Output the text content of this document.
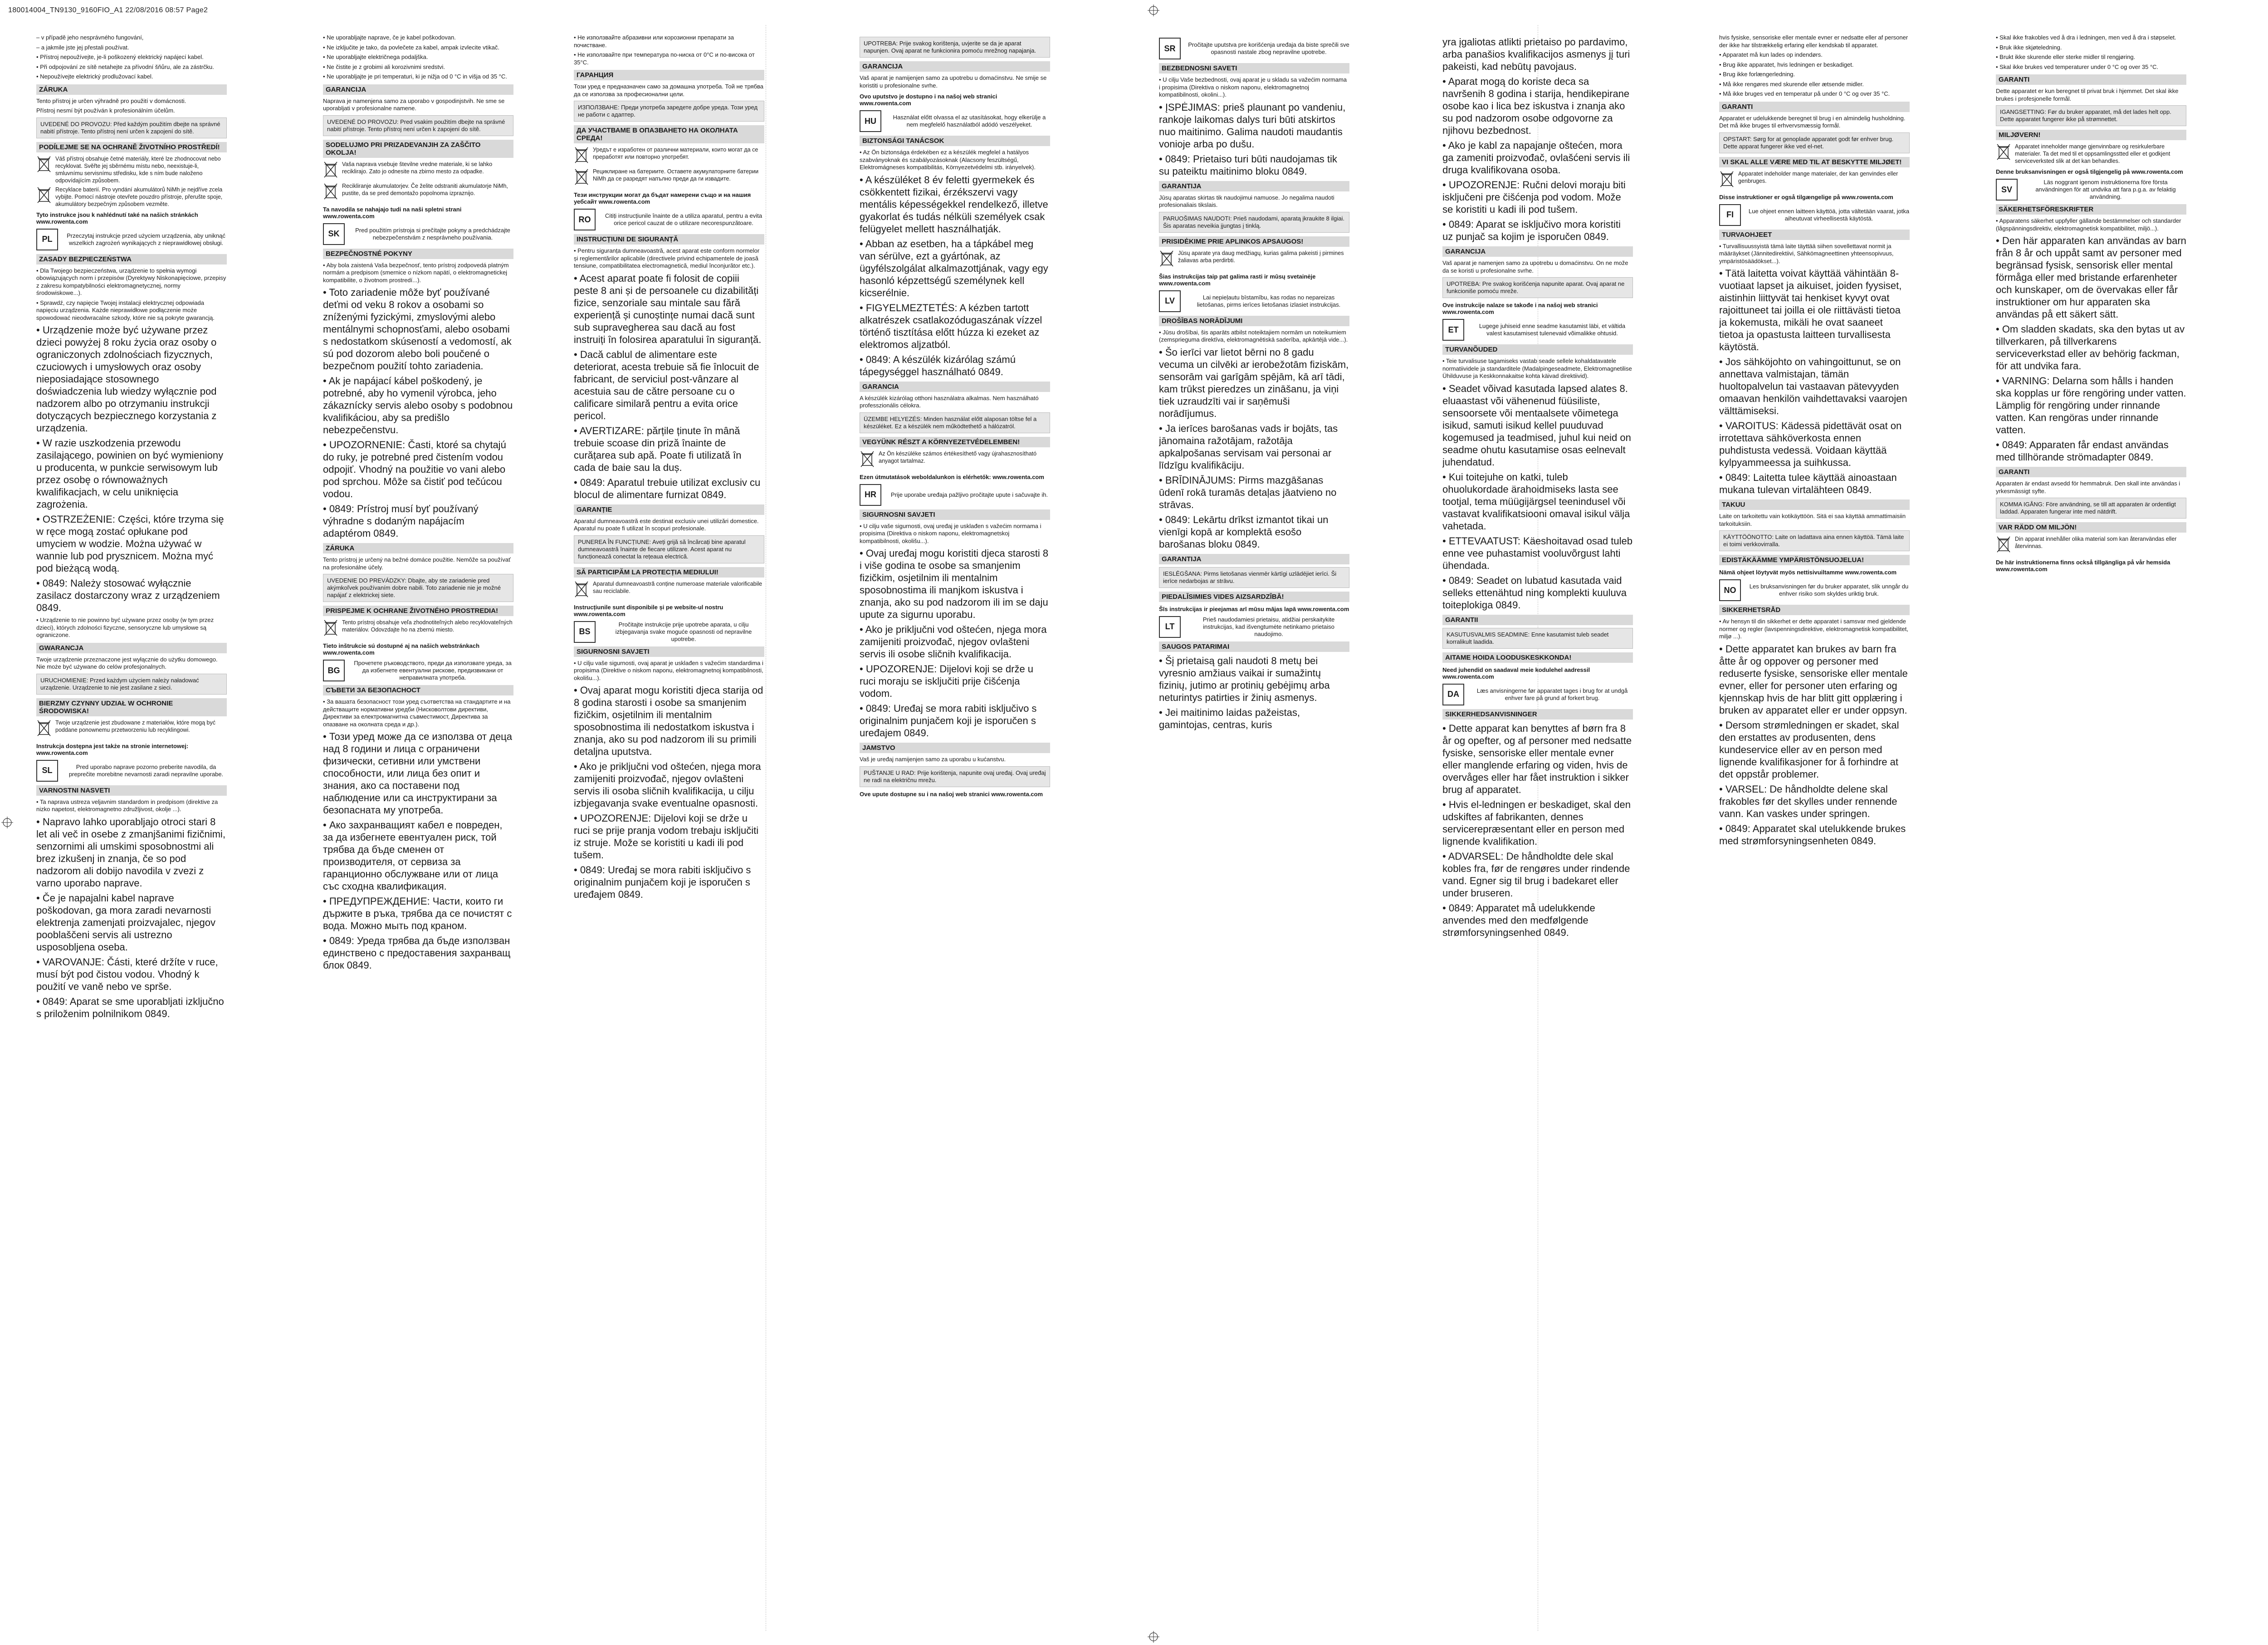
180014004_TN9130_9160FIO_A1 22/08/2016 08:57 Page2
– v případě jeho nesprávného fungování,
– a jakmile jste jej přestali používat.
• Přístroj nepoužívejte, je-li poškozený elektrický napájecí kabel.
• Při odpojování ze sítě netahejte za přívodní šňůru, ale za zástrčku.
• Nepoužívejte elektrický prodlužovací kabel.
ZÁRUKA
Tento přístroj je určen výhradně pro použití v domácnosti.
Přístroj nesmí být používán k profesionálním účelům.
UVEDENÉ DO PROVOZU: Před každým použitím dbejte na správné nabití přístroje. Tento přístroj není určen k zapojení do sítě.
PODÍLEJME SE NA OCHRANĚ ŽIVOTNÍHO PROSTŘEDÍ!
Váš přístroj obsahuje četné materiály, které lze zhodnocovat nebo recyklovat. Svěřte jej sběrnému místu nebo, neexistuje-li, smluvnímu servisnímu středisku, kde s ním bude naloženo odpovídajícím způsobem.
Recyklace baterií. Pro vyndání akumulátorů NiMh je nejdříve zcela vybijte. Pomocí nástroje otevřete pouzdro přístroje, přerušte spoje, akumulátory bezpečným způsobem vezměte.
Tyto instrukce jsou k nahlédnutí také na našich stránkách www.rowenta.com
PL	Przeczytaj instrukcje przed użyciem urządzenia, aby uniknąć wszelkich zagrożeń wynikających z nieprawidłowej obsługi.
ZASADY BEZPIECZEŃSTWA
• Dla Twojego bezpieczeństwa, urządzenie to spełnia wymogi obowiązujących norm i przepisów (Dyrektywy Niskonapięciowe, przepisy z zakresu kompatybilności elektromagnetycznej, normy środowiskowe...).
• Sprawdź, czy napięcie Twojej instalacji elektrycznej odpowiada napięciu urządzenia. Każde nieprawidłowe podłączenie może spowodować nieodwracalne szkody, które nie są pokryte gwarancją.
• Urządzenie może być używane przez dzieci powyżej 8 roku życia oraz osoby o ograniczonych zdolnościach fizycznych, czuciowych i umysłowych oraz osoby nieposiadające stosownego doświadczenia lub wiedzy wyłącznie pod nadzorem albo po otrzymaniu instrukcji dotyczących bezpiecznego korzystania z urządzenia.
• W razie uszkodzenia przewodu zasilającego, powinien on być wymieniony u producenta, w punkcie serwisowym lub przez osobę o równoważnych kwalifikacjach, w celu uniknięcia zagrożenia.
• OSTRZEŻENIE: Części, które trzyma się w ręce mogą zostać opłukane pod umyciem w wodzie. Można używać w wannie lub pod prysznicem. Można myć pod bieżącą wodą.
• 0849: Należy stosować wyłącznie zasilacz dostarczony wraz z urządzeniem 0849.
• Urządzenie to nie powinno być używane przez osoby (w tym przez dzieci), których zdolności fizyczne, sensoryczne lub umysłowe są ograniczone.
GWARANCJA
Twoje urządzenie przeznaczone jest wyłącznie do użytku domowego. Nie może być używane do celów profesjonalnych.
URUCHOMIENIE: Przed każdym użyciem należy naładować urządzenie. Urządzenie to nie jest zasilane z sieci.
BIERZMY CZYNNY UDZIAŁ W OCHRONIE ŚRODOWISKA!
Twoje urządzenie jest zbudowane z materiałów, które mogą być poddane ponownemu przetworzeniu lub recyklingowi.
Instrukcja dostępna jest także na stronie internetowej: www.rowenta.com
SL	Pred uporabo naprave pozorno preberite navodila, da preprečite morebitne nevarnosti zaradi nepravilne uporabe.
VARNOSTNI NASVETI
• Ta naprava ustreza veljavnim standardom in predpisom (direktive za nizko napetost, elektromagnetno združljivost, okolje ...).
• Napravo lahko uporabljajo otroci stari 8 let ali več in osebe z zmanjšanimi fizičnimi, senzornimi ali umskimi sposobnostmi ali brez izkušenj in znanja, če so pod nadzorom ali dobijo navodila v zvezi z varno uporabo naprave.
• Če je napajalni kabel naprave poškodovan, ga mora zaradi nevarnosti elektrenja zamenjati proizvajalec, njegov pooblaščeni servis ali ustrezno usposobljena oseba.
• VAROVANJE: Části, které držíte v ruce, musí být pod čistou vodou. Vhodný k použití ve vaně nebo ve sprše.
• 0849: Aparat se sme uporabljati izključno s priloženim polnilnikom 0849.
• Ne uporabljajte naprave, če je kabel poškodovan.
• Ne izključite je tako, da povlečete za kabel, ampak izvlecite vtikač.
• Ne uporabljajte električnega podaljška.
• Ne čistite je z grobimi ali korozivnimi sredstvi.
• Ne uporabljajte je pri temperaturi, ki je nižja od 0 °C in višja od 35 °C.
GARANCIJA
Naprava je namenjena samo za uporabo v gospodinjstvih. Ne sme se uporabljati v profesionalne namene.
UVEDENÉ DO PROVOZU: Pred vsakim použitím dbejte na správné nabití přístroje. Tento přístroj není určen k zapojení do sítě.
SODELUJMO PRI PRIZADEVANJIH ZA ZAŠČITO OKOLJA!
Vaša naprava vsebuje številne vredne materiale, ki se lahko reciklirajo. Zato jo odnesite na zbirno mesto za odpadke.
Recikliranje akumulatorjev. Če želite odstraniti akumulatorje NiMh, pustite, da se pred demontažo popolnoma izpraznijo.
Ta navodila se nahajajo tudi na naši spletni strani www.rowenta.com
SK	Pred použitím prístroja si prečítajte pokyny a predchádzajte nebezpečenstvám z nesprávneho používania.
BEZPEČNOSTNÉ POKYNY
• Aby bola zaistená Vaša bezpečnosť, tento prístroj zodpovedá platným normám a predpisom (smernice o nízkom napätí, o elektromagnetickej kompatibilite, o životnom prostredí...).
• Toto zariadenie môže byť používané deťmi od veku 8 rokov a osobami so zníženými fyzickými, zmyslovými alebo mentálnymi schopnosťami, alebo osobami s nedostatkom skúseností a vedomostí, ak sú pod dozorom alebo boli poučené o bezpečnom použití tohto zariadenia.
• Ak je napájací kábel poškodený, je potrebné, aby ho vymenil výrobca, jeho zákaznícky servis alebo osoby s podobnou kvalifikáciou, aby sa predišlo nebezpečenstvu.
• UPOZORNENIE: Časti, ktoré sa chytajú do ruky, je potrebné pred čistením vodou odpojiť. Vhodný na použitie vo vani alebo pod sprchou. Môže sa čistiť pod tečúcou vodou.
• 0849: Prístroj musí byť používaný výhradne s dodaným napájacím adaptérom 0849.
ZÁRUKA
Tento prístroj je určený na bežné domáce použitie. Nemôže sa používať na profesionálne účely.
UVEDENIE DO PREVÁDZKY: Dbajte, aby ste zariadenie pred akýmkoľvek používaním dobre nabili. Toto zariadenie nie je možné napájať z elektrickej siete.
PRISPEJME K OCHRANE ŽIVOTNÉHO PROSTREDIA!
Tento prístroj obsahuje veľa zhodnotiteľných alebo recyklovateľných materiálov. Odovzdajte ho na zbernú miesto.
Tieto inštrukcie sú dostupné aj na našich webstránkach www.rowenta.com
BG
Прочетете ръководството, преди да използвате уреда, за да избегнете евентуални рискове, предизвикани от неправилната употреба.
СЪВЕТИ ЗА БЕЗОПАСНОСТ
• За вашата безопасност този уред съответства на стандартите и на действащите нормативни уредби (Нисковолтови директиви, Директиви за електромагнитна съвместимост, Директива за опазване на околната среда и др.).
• Този уред може да се използва от деца над 8 години и лица с ограничени физически, сетивни или умствени способности, или лица без опит и знания, ако са поставени под наблюдение или са инструктирани за безопасната му употреба.
• Ако захранващият кабел е повреден, за да избегнете евентуален риск, той трябва да бъде сменен от производителя, от сервиза за гаранционно обслужване или от лица със сходна квалификация.
• ПРЕДУПРЕЖДЕНИЕ: Части, които ги държите в ръка, трябва да се почистят с вода. Можно мыть под краном.
• 0849: Уреда трябва да бъде използван единствено с предоставения захранващ блок 0849.
• Не използвайте абразивни или корозионни препарати за почистване.
• Не използвайте при температура по-ниска от 0°С и по-висока от 35°С.
ГАРАНЦИЯ
Този уред е предназначен само за домашна употреба. Той не трябва да се използва за професионални цели.
ИЗПОЛЗВАНЕ: Преди употреба заредете добре уреда. Този уред не работи с адаптер.
ДА УЧАСТВАМЕ В ОПАЗВАНЕТО НА ОКОЛНАТА СРЕДА!
Уредът е изработен от различни материали, които могат да се преработят или повторно употребят.
Рециклиране на батериите. Оставете акумулаторните батерии NiMh да се разредят напълно преди да ги извадите.
Тези инструкции могат да бъдат намерени също и на нашия уебсайт www.rowenta.com
RO	Citiți instrucțiunile înainte de a utiliza aparatul, pentru a evita orice pericol cauzat de o utilizare necorespunzătoare.
INSTRUCȚIUNI DE SIGURANȚĂ
• Pentru siguranța dumneavoastră, acest aparat este conform normelor și reglementărilor aplicabile (directivele privind echipamentele de joasă tensiune, compatibilitatea electromagnetică, mediul înconjurător etc.).
• Acest aparat poate fi folosit de copiii peste 8 ani și de persoanele cu dizabilități fizice, senzoriale sau mintale sau fără experiență și cunoștințe numai dacă sunt sub supravegherea sau dacă au fost instruiți în folosirea aparatului în siguranță.
• Dacă cablul de alimentare este deteriorat, acesta trebuie să fie înlocuit de fabricant, de serviciul post-vânzare al acestuia sau de către persoane cu o calificare similară pentru a evita orice pericol.
• AVERTIZARE: părțile ținute în mână trebuie scoase din priză înainte de curățarea sub apă. Poate fi utilizată în cada de baie sau la duș.
• 0849: Aparatul trebuie utilizat exclusiv cu blocul de alimentare furnizat 0849.
GARANȚIE
Aparatul dumneavoastră este destinat exclusiv unei utilizări domestice. Aparatul nu poate fi utilizat în scopuri profesionale.
PUNEREA ÎN FUNCȚIUNE: Aveți grijă să încărcați bine aparatul dumneavoastră înainte de fiecare utilizare. Acest aparat nu funcționează conectat la rețeaua electrică.
SĂ PARTICIPĂM LA PROTECȚIA MEDIULUI!
Aparatul dumneavoastră conține numeroase materiale valorificabile sau reciclabile.
Instrucțiunile sunt disponibile și pe website-ul nostru www.rowenta.com
BS
Pročitajte instrukcije prije upotrebe aparata, u cilju izbjegavanja svake moguće opasnosti od nepravilne upotrebe.
SIGURNOSNI SAVJETI
• U cilju vaše sigurnosti, ovaj aparat je usklađen s važećim standardima i propisima (Direktive o niskom naponu, elektromagnetnoj kompatibilnosti, okolišu...).
• Ovaj aparat mogu koristiti djeca starija od 8 godina starosti i osobe sa smanjenim fizičkim, osjetilnim ili mentalnim sposobnostima ili nedostatkom iskustva i znanja, ako su pod nadzorom ili su primili detaljna uputstva.
• Ako je priključni vod oštećen, njega mora zamijeniti proizvođač, njegov ovlašteni servis ili osoba sličnih kvalifikacija, u cilju izbjegavanja svake eventualne opasnosti.
• UPOZORENJE: Dijelovi koji se drže u ruci se prije pranja vodom trebaju isključiti iz struje. Može se koristiti u kadi ili pod tušem.
• 0849: Uređaj se mora rabiti isključivo s originalnim punjačem koji je isporučen s uređajem 0849.
UPOTREBA: Prije svakog korištenja, uvjerite se da je aparat napunjen. Ovaj aparat ne funkcionira pomoću mrežnog napajanja.
GARANCIJA
Vaš aparat je namijenjen samo za upotrebu u domaćinstvu. Ne smije se koristiti u profesionalne svrhe.
Ovo uputstvo je dostupno i na našoj web stranici www.rowenta.com
HU	Használat előtt olvassa el az utasításokat, hogy elkerülje a nem megfelelő használatból adódó veszélyeket.
BIZTONSÁGI TANÁCSOK
• Az Ön biztonsága érdekében ez a készülék megfelel a hatályos szabványoknak és szabályozásoknak (Alacsony feszültségű, Elektromágneses kompatibilitás, Környezetvédelmi stb. irányelvek).
• A készüléket 8 év feletti gyermekek és csökkentett fizikai, érzékszervi vagy mentális képességekkel rendelkező, illetve gyakorlat és tudás nélküli személyek csak felügyelet mellett használhatják.
• Abban az esetben, ha a tápkábel meg van sérülve, ezt a gyártónak, az ügyfélszolgálat alkalmazottjának, vagy egy hasonló képzettségű személynek kell kicserélnie.
• FIGYELMEZTETÉS: A kézben tartott alkatrészek csatlakozódugaszának vízzel történő tisztítása előtt húzza ki ezeket az elektromos aljzatból.
• 0849: A készülék kizárólag számú tápegységgel használható 0849.
GARANCIA
A készülék kizárólag otthoni használatra alkalmas. Nem használható professzionális célokra.
ÜZEMBE HELYEZÉS: Minden használat előtt alaposan töltse fel a készüléket. Ez a készülék nem működtethető a hálózatról.
VEGYÜNK RÉSZT A KÖRNYEZETVÉDELEMBEN!
Az Ön készüléke számos értékesíthető vagy újrahasznosítható anyagot tartalmaz.
Ezen útmutatások weboldalunkon is elérhetők: www.rowenta.com
HR	Prije uporabe uređaja pažljivo pročitajte upute i sačuvajte ih.
SIGURNOSNI SAVJETI
• U cilju vaše sigurnosti, ovaj uređaj je usklađen s važećim normama i propisima (Direktiva o niskom naponu, elektromagnetskoj kompatibilnosti, okolišu...).
• Ovaj uređaj mogu koristiti djeca starosti 8 i više godina te osobe sa smanjenim fizičkim, osjetilnim ili mentalnim sposobnostima ili manjkom iskustva i znanja, ako su pod nadzorom ili im se daju upute za sigurnu uporabu.
• Ako je priključni vod oštećen, njega mora zamijeniti proizvođač, njegov ovlašteni servis ili osobe sličnih kvalifikacija.
• UPOZORENJE: Dijelovi koji se drže u ruci moraju se isključiti prije čišćenja vodom.
• 0849: Uređaj se mora rabiti isključivo s originalnim punjačem koji je isporučen s uređajem 0849.
JAMSTVO
Vaš je uređaj namijenjen samo za uporabu u kućanstvu.
PUŠTANJE U RAD: Prije korištenja, napunite ovaj uređaj. Ovaj uređaj ne radi na električnu mrežu.
Ove upute dostupne su i na našoj web stranici www.rowenta.com
SR	Pročitajte uputstva pre korišćenja uređaja da biste sprečili sve opasnosti nastale zbog nepravilne upotrebe.
BEZBEDNOSNI SAVETI
• U cilju Vaše bezbednosti, ovaj aparat je u skladu sa važećim normama i propisima (Direktiva o niskom naponu, elektromagnetnoj kompatibilnosti, okolini...).
• ĮSPĖJIMAS: prieš plaunant po vandeniu, rankoje laikomas dalys turi būti atskirtos nuo maitinimo. Galima naudoti maudantis vonioje arba po dušu.
• 0849: Prietaiso turi būti naudojamas tik su pateiktu maitinimo bloku 0849.
GARANTIJA
Jūsų aparatas skirtas tik naudojimui namuose. Jo negalima naudoti profesionaliais tikslais.
PARUOŠIMAS NAUDOTI: Prieš naudodami, aparatą įkraukite 8 ilgiai. Šis aparatas neveikia įjungtas į tinklą.
PRISIDĖKIME PRIE APLINKOS APSAUGOS!
Jūsų aparate yra daug medžiagų, kurias galima pakeisti į pirmines žaliavas arba perdirbti.
Šias instrukcijas taip pat galima rasti ir mūsų svetainėje www.rowenta.com
LV	Lai nepieļautu bīstamību, kas rodas no nepareizas lietošanas, pirms ierīces lietošanas izlasiet instrukcijas.
DROŠĪBAS NORĀDĪJUMI
• Jūsu drošībai, šis aparāts atbilst noteiktajiem normām un noteikumiem (zemsprieguma direktīva, elektromagnētiskā saderība, apkārtējā vide...).
• Šo ierīci var lietot bērni no 8 gadu vecuma un cilvēki ar ierobežotām fiziskām, sensorām vai garīgām spējām, kā arī tādi, kam trūkst pieredzes un zināšanu, ja viņi tiek uzraudzīti vai ir saņēmuši norādījumus.
• Ja ierīces barošanas vads ir bojāts, tas jānomaina ražotājam, ražotāja apkalpošanas servisam vai personai ar līdzīgu kvalifikāciju.
• BRĪDINĀJUMS: Pirms mazgāšanas ūdenī rokā turamās detaļas jāatvieno no strāvas.
• 0849: Lekārtu drīkst izmantot tikai un vienīgi kopā ar komplektā esošo barošanas bloku 0849.
GARANTIJA
IESLĒGŠANA: Pirms lietošanas vienmēr kārtīgi uzlādējiet ierīci. Ši ierīce nedarbojas ar strāvu.
PIEDALĪSIMIES VIDES AIZSARDZĪBĀ!
Šīs instrukcijas ir pieejamas arī mūsu mājas lapā www.rowenta.com
LT
Prieš naudodamiesi prietaisu, atidžiai perskaitykite instrukcijas, kad išvengtumėte netinkamo prietaiso naudojimo.
SAUGOS PATARIMAI
• Šį prietaisą gali naudoti 8 metų bei vyresnio amžiaus vaikai ir sumažintų fizinių, jutimo ar protinių gebėjimų arba neturintys patirties ir žinių asmenys.
• Jei maitinimo laidas pažeistas, gamintojas, centras, kuris
yra įgaliotas atlikti prietaiso po pardavimo, arba panašios kvalifikacijos asmenys jį turi pakeisti, kad nebūtų pavojaus.
• Aparat mogą do koriste deca sa navršenih 8 godina i starija, hendikepirane osobe kao i lica bez iskustva i znanja ako su pod nadzorom osobe odgovorne za njihovu bezbednost.
• Ako je kabl za napajanje oštećen, mora ga zameniti proizvođač, ovlašćeni servis ili druga kvalifikovana osoba.
• UPOZORENJE: Ručni delovi moraju biti isključeni pre čišćenja pod vodom. Može se koristiti u kadi ili pod tušem.
• 0849: Aparat se isključivo mora koristiti uz punjač sa kojim je isporučen 0849.
GARANCIJA
Vaš aparat je namenjen samo za upotrebu u domaćinstvu. On ne može da se koristi u profesionalne svrhe.
UPOTREBA: Pre svakog korišćenja napunite aparat. Ovaj aparat ne funkcioniše pomoću mreže.
Ove instrukcije nalaze se takođe i na našoj web stranici www.rowenta.com
ET	Lugege juhiseid enne seadme kasutamist läbi, et vältida valest kasutamisest tulenevaid võimalikke ohtusid.
TURVANÕUDED
• Teie turvalisuse tagamiseks vastab seade sellele kohaldatavatele normatiividele ja standarditele (Madalpingeseadmete, Elektromagnetilise Ühilduvuse ja Keskkonnakaitse kohta käivad direktiivid).
• Seadet võivad kasutada lapsed alates 8. eluaastast või vähenenud füüsiliste, sensoorsete või mentaalsete võimetega isikud, samuti isikud kellel puuduvad kogemused ja teadmised, juhul kui neid on seadme ohutu kasutamise osas eelnevalt juhendatud.
• Kui toitejuhe on katki, tuleb ohuolukordade ärahoidmiseks lasta see tootjal, tema müügijärgsel teenindusel või vastavat kvalifikatsiooni omaval isikul välja vahetada.
• ETTEVAATUST: Käeshoitavad osad tuleb enne vee puhastamist vooluvõrgust lahti ühendada.
• 0849: Seadet on lubatud kasutada vaid selleks ettenähtud ning komplekti kuuluva toiteplokiga 0849.
GARANTII
KASUTUSVALMIS SEADMINE: Enne kasutamist tuleb seadet korralikult laadida.
AITAME HOIDA LOODUSKESKKONDA!
Need juhendid on saadaval meie kodulehel aadressil www.rowenta.com
DA	Læs anvisningerne før apparatet tages i brug for at undgå enhver fare på grund af forkert brug.
SIKKERHEDSANVISNINGER
• Dette apparat kan benyttes af børn fra 8 år og opefter, og af personer med nedsatte fysiske, sensoriske eller mentale evner eller manglende erfaring og viden, hvis de overvåges eller har fået instruktion i sikker brug af apparatet.
• Hvis el-ledningen er beskadiget, skal den udskiftes af fabrikanten, dennes servicerepræsentant eller en person med lignende kvalifikation.
• ADVARSEL: De håndholdte dele skal kobles fra, før de rengøres under rindende vand. Egner sig til brug i badekaret eller under bruseren.
• 0849: Apparatet må udelukkende anvendes med den medfølgende strømforsyningsenhed 0849.
hvis fysiske, sensoriske eller mentale evner er nedsatte eller af personer der ikke har tilstrækkelig erfaring eller kendskab til apparatet.
• Apparatet må kun lades op indendørs.
• Brug ikke apparatet, hvis ledningen er beskadiget.
• Brug ikke forlængerledning.
• Må ikke rengøres med skurende eller ætsende midler.
• Må ikke bruges ved en temperatur på under 0 °C og over 35 °C.
GARANTI
Apparatet er udelukkende beregnet til brug i en almindelig husholdning. Det må ikke bruges til erhvervsmæssig formål.
OPSTART: Sørg for at genoplade apparatet godt før enhver brug. Dette apparat fungerer ikke ved el-net.
VI SKAL ALLE VÆRE MED TIL AT BESKYTTE MILJØET!
Apparatet indeholder mange materialer, der kan genvindes eller genbruges.
Disse instruktioner er også tilgængelige på www.rowenta.com
FI	Lue ohjeet ennen laitteen käyttöä, jotta vältetään vaarat, jotka aiheutuvat virheellisestä käytöstä.
TURVAOHJEET
• Turvallisuussyistä tämä laite täyttää siihen sovellettavat normit ja määräykset (Jännitedirektiivi, Sähkömagneettinen yhteensopivuus, ympäristösäädökset...).
• Tätä laitetta voivat käyttää vähintään 8-vuotiaat lapset ja aikuiset, joiden fyysiset, aistinhin liittyvät tai henkiset kyvyt ovat rajoittuneet tai joilla ei ole riittävästi tietoa ja kokemusta, mikäli he ovat saaneet tietoa ja opastusta laitteen turvallisesta käytöstä.
• Jos sähköjohto on vahingoittunut, se on annettava valmistajan, tämän huoltopalvelun tai vastaavan pätevyyden omaavan henkilön vaihdettavaksi vaarojen välttämiseksi.
• VAROITUS: Kädessä pidettävät osat on irrotettava sähköverkosta ennen puhdistusta vedessä. Voidaan käyttää kylpyammeessa ja suihkussa.
• 0849: Laitetta tulee käyttää ainoastaan mukana tulevan virtalähteen 0849.
TAKUU
Laite on tarkoitettu vain kotikäyttöön. Sitä ei saa käyttää ammattimaisiin tarkoituksiin.
KÄYTTÖÖNOTTO: Laite on ladattava aina ennen käyttöä. Tämä laite ei toimi verkkovirralla.
EDISTÄKÄÄMME YMPÄRISTÖNSUOJELUA!
Nämä ohjeet löytyvät myös nettisivuiltamme www.rowenta.com
NO	Les bruksanvisningen før du bruker apparatet, slik unngår du enhver risiko som skyldes uriktig bruk.
SIKKERHETSRÅD
• Av hensyn til din sikkerhet er dette apparatet i samsvar med gjeldende normer og regler (lavspenningsdirektive, elektromagnetisk kompatibilitet, miljø ...).
• Dette apparatet kan brukes av barn fra åtte år og oppover og personer med reduserte fysiske, sensoriske eller mentale evner, eller for personer uten erfaring og kjennskap hvis de har blitt gitt opplæring i bruken av apparatet eller er under oppsyn.
• Dersom strømledningen er skadet, skal den erstattes av produsenten, dens kundeservice eller av en person med lignende kvalifikasjoner for å forhindre at det oppstår problemer.
• VARSEL: De håndholdte delene skal frakobles før det skylles under rennende vann. Kan vaskes under springen.
• 0849: Apparatet skal utelukkende brukes med strømforsyningsenheten 0849.
• Skal ikke frakobles ved å dra i ledningen, men ved å dra i støpselet.
• Bruk ikke skjøteledning.
• Brukt ikke skurende eller sterke midler til rengjøring.
• Skal ikke brukes ved temperaturer under 0 °C og over 35 °C.
GARANTI
Dette apparatet er kun beregnet til privat bruk i hjemmet. Det skal ikke brukes i profesjonelle formål.
IGANGSETTING: Før du bruker apparatet, må det lades helt opp. Dette apparatet fungerer ikke på strømnettet.
MILJØVERN!
Apparatet inneholder mange gjenvinnbare og resirkulerbare materialer. Ta det med til et oppsamlingsstted eller et godkjent serviceverksted slik at det kan behandles.
Denne bruksanvisningen er også tilgjengelig på www.rowenta.com
SV
Läs noggrant igenom instruktionerna före första användningen för att undvika att fara p.g.a. av felaktig användning.
SÄKERHETSFÖRESKRIFTER
• Apparatens säkerhet uppfyller gällande bestämmelser och standarder (lågspänningsdirektiv, elektromagnetisk kompatibilitet, miljö...).
• Den här apparaten kan användas av barn från 8 år och uppåt samt av personer med begränsad fysisk, sensorisk eller mental förmåga eller med bristande erfarenheter och kunskaper, om de övervakas eller får instruktioner om hur apparaten ska användas på ett säkert sätt.
• Om sladden skadats, ska den bytas ut av tillverkaren, på tillverkarens serviceverkstad eller av behörig fackman, för att undvika fara.
• VARNING: Delarna som hålls i handen ska kopplas ur före rengöring under vatten. Lämplig för rengöring under rinnande vatten. Kan rengöras under rinnande vatten.
• 0849: Apparaten får endast användas med tillhörande strömadapter 0849.
GARANTI
Apparaten är endast avsedd för hemmabruk. Den skall inte användas i yrkesmässigt syfte.
KOMMA IGÅNG: Före användning, se till att apparaten är ordentligt laddad. Apparaten fungerar inte med nätdrift.
VAR RÄDD OM MILJÖN!
Din apparat innehåller olika material som kan återanvändas eller återvinnas.
De här instruktionerna finns också tillgängliga på vår hemsida www.rowenta.com
